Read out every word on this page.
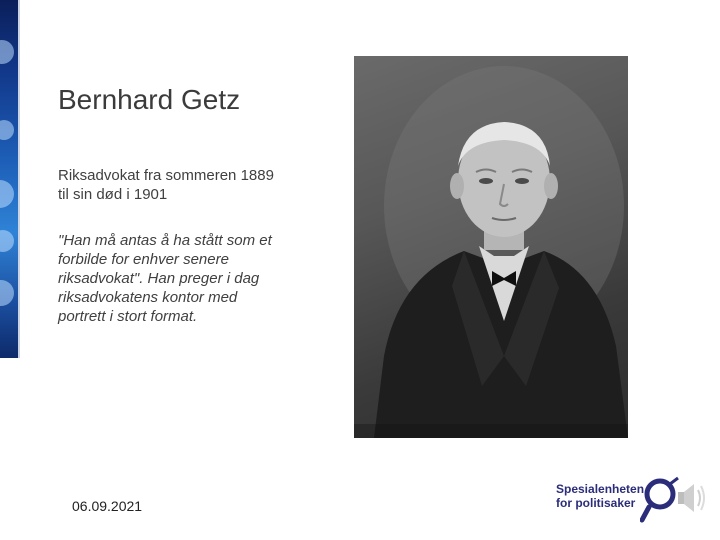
Bernhard Getz
Riksadvokat fra sommeren 1889 til sin død i 1901
"Han må antas å ha stått som et forbilde for enhver senere riksadvokat". Han preger i dag riksadvokatens kontor med portrett i stort format.
06.09.2021
Spesialenheten
for politisaker
